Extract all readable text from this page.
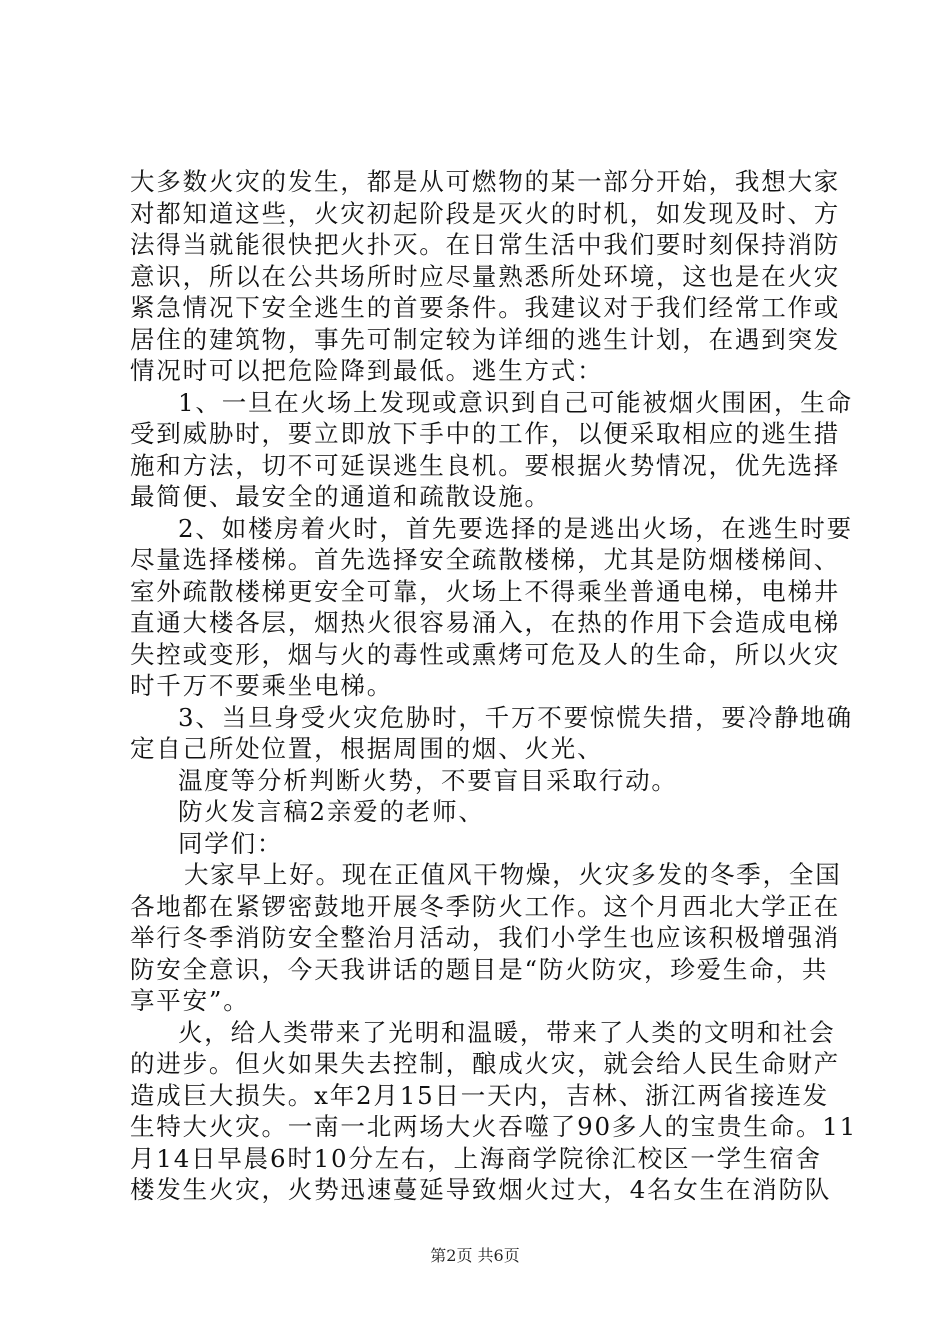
大多数火灾的发生，都是从可燃物的某一部分开始，我想大家
对都知道这些，火灾初起阶段是灭火的时机，如发现及时、方
法得当就能很快把火扑灭。在日常生活中我们要时刻保持消防
意识，所以在公共场所时应尽量熟悉所处环境，这也是在火灾
紧急情况下安全逃生的首要条件。我建议对于我们经常工作或
居住的建筑物，事先可制定较为详细的逃生计划，在遇到突发
情况时可以把危险降到最低。逃生方式：
1、一旦在火场上发现或意识到自己可能被烟火围困，生命
受到威胁时，要立即放下手中的工作，以便采取相应的逃生措
施和方法，切不可延误逃生良机。要根据火势情况，优先选择
最简便、最安全的通道和疏散设施。
2、如楼房着火时，首先要选择的是逃出火场，在逃生时要
尽量选择楼梯。首先选择安全疏散楼梯，尤其是防烟楼梯间、
室外疏散楼梯更安全可靠，火场上不得乘坐普通电梯，电梯井
直通大楼各层，烟热火很容易涌入，在热的作用下会造成电梯
失控或变形，烟与火的毒性或熏烤可危及人的生命，所以火灾
时千万不要乘坐电梯。
3、当旦身受火灾危胁时，千万不要惊慌失措，要冷静地确
定自己所处位置，根据周围的烟、火光、
温度等分析判断火势，不要盲目采取行动。
防火发言稿2亲爱的老师、
同学们：
大家早上好。现在正值风干物燥，火灾多发的冬季，全国
各地都在紧锣密鼓地开展冬季防火工作。这个月西北大学正在
举行冬季消防安全整治月活动，我们小学生也应该积极增强消
防安全意识，今天我讲话的题目是“防火防灾，珍爱生命，共
享平安”。
火，给人类带来了光明和温暖，带来了人类的文明和社会
的进步。但火如果失去控制，酿成火灾，就会给人民生命财产
造成巨大损失。x年2月15日一天内，吉林、浙江两省接连发
生特大火灾。一南一北两场大火吞噬了90多人的宝贵生命。11
月14日早晨6时10分左右，上海商学院徐汇校区一学生宿舍
楼发生火灾，火势迅速蔓延导致烟火过大，4名女生在消防队
第2页 共6页
